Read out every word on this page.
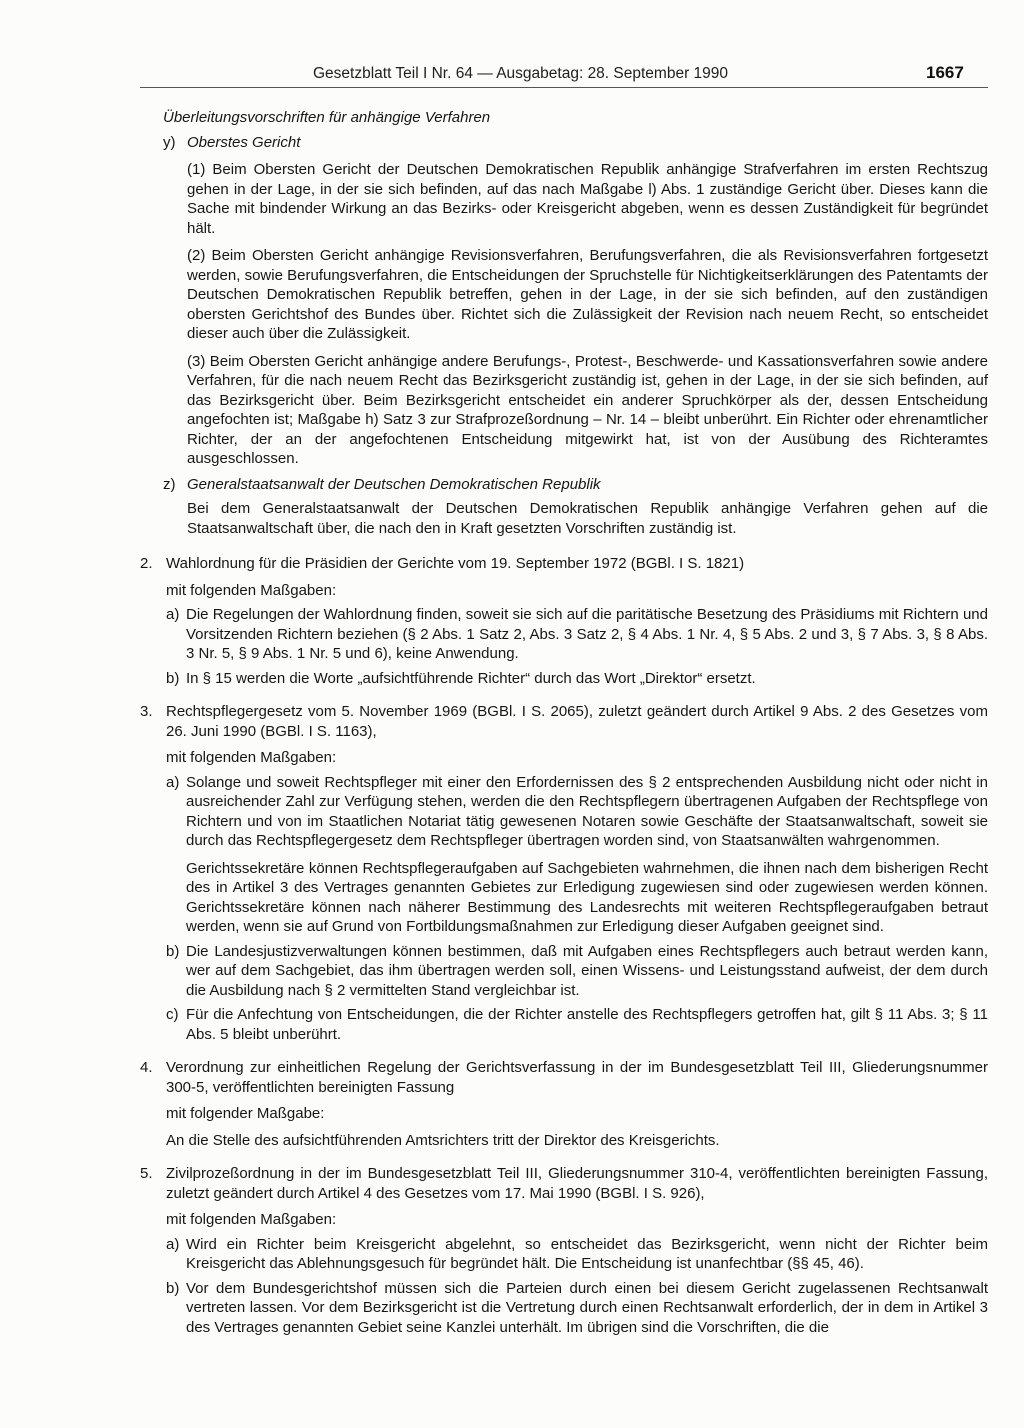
Gesetzblatt Teil I Nr. 64 — Ausgabetag: 28. September 1990	1667
Überleitungsvorschriften für anhängige Verfahren
y) Oberstes Gericht
(1) Beim Obersten Gericht der Deutschen Demokratischen Republik anhängige Strafverfahren im ersten Rechtszug gehen in der Lage, in der sie sich befinden, auf das nach Maßgabe l) Abs. 1 zuständige Gericht über. Dieses kann die Sache mit bindender Wirkung an das Bezirks- oder Kreisgericht abgeben, wenn es dessen Zuständigkeit für begründet hält.
(2) Beim Obersten Gericht anhängige Revisionsverfahren, Berufungsverfahren, die als Revisionsverfahren fortgesetzt werden, sowie Berufungsverfahren, die Entscheidungen der Spruchstelle für Nichtigkeitserklärungen des Patentamts der Deutschen Demokratischen Republik betreffen, gehen in der Lage, in der sie sich befinden, auf den zuständigen obersten Gerichtshof des Bundes über. Richtet sich die Zulässigkeit der Revision nach neuem Recht, so entscheidet dieser auch über die Zulässigkeit.
(3) Beim Obersten Gericht anhängige andere Berufungs-, Protest-, Beschwerde- und Kassationsverfahren sowie andere Verfahren, für die nach neuem Recht das Bezirksgericht zuständig ist, gehen in der Lage, in der sie sich befinden, auf das Bezirksgericht über. Beim Bezirksgericht entscheidet ein anderer Spruchkörper als der, dessen Entscheidung angefochten ist; Maßgabe h) Satz 3 zur Strafprozeßordnung – Nr. 14 – bleibt unberührt. Ein Richter oder ehrenamtlicher Richter, der an der angefochtenen Entscheidung mitgewirkt hat, ist von der Ausübung des Richteramtes ausgeschlossen.
z) Generalstaatsanwalt der Deutschen Demokratischen Republik
Bei dem Generalstaatsanwalt der Deutschen Demokratischen Republik anhängige Verfahren gehen auf die Staatsanwaltschaft über, die nach den in Kraft gesetzten Vorschriften zuständig ist.
2. Wahlordnung für die Präsidien der Gerichte vom 19. September 1972 (BGBl. I S. 1821)
mit folgenden Maßgaben:
a) Die Regelungen der Wahlordnung finden, soweit sie sich auf die paritätische Besetzung des Präsidiums mit Richtern und Vorsitzenden Richtern beziehen (§ 2 Abs. 1 Satz 2, Abs. 3 Satz 2, § 4 Abs. 1 Nr. 4, § 5 Abs. 2 und 3, § 7 Abs. 3, § 8 Abs. 3 Nr. 5, § 9 Abs. 1 Nr. 5 und 6), keine Anwendung.
b) In § 15 werden die Worte „aufsichtführende Richter“ durch das Wort „Direktor“ ersetzt.
3. Rechtspflegergesetz vom 5. November 1969 (BGBl. I S. 2065), zuletzt geändert durch Artikel 9 Abs. 2 des Gesetzes vom 26. Juni 1990 (BGBl. I S. 1163),
mit folgenden Maßgaben:
a) Solange und soweit Rechtspfleger mit einer den Erfordernissen des § 2 entsprechenden Ausbildung nicht oder nicht in ausreichender Zahl zur Verfügung stehen, werden die den Rechtspflegern übertragenen Aufgaben der Rechtspflege von Richtern und von im Staatlichen Notariat tätig gewesenen Notaren sowie Geschäfte der Staatsanwaltschaft, soweit sie durch das Rechtspflegergesetz dem Rechtspfleger übertragen worden sind, von Staatsanwälten wahrgenommen.
Gerichtssekretäre können Rechtspflegeraufgaben auf Sachgebieten wahrnehmen, die ihnen nach dem bisherigen Recht des in Artikel 3 des Vertrages genannten Gebietes zur Erledigung zugewiesen sind oder zugewiesen werden können. Gerichtssekretäre können nach näherer Bestimmung des Landesrechts mit weiteren Rechtspflegeraufgaben betraut werden, wenn sie auf Grund von Fortbildungsmaßnahmen zur Erledigung dieser Aufgaben geeignet sind.
b) Die Landesjustizverwaltungen können bestimmen, daß mit Aufgaben eines Rechtspflegers auch betraut werden kann, wer auf dem Sachgebiet, das ihm übertragen werden soll, einen Wissens- und Leistungsstand aufweist, der dem durch die Ausbildung nach § 2 vermittelten Stand vergleichbar ist.
c) Für die Anfechtung von Entscheidungen, die der Richter anstelle des Rechtspflegers getroffen hat, gilt § 11 Abs. 3; § 11 Abs. 5 bleibt unberührt.
4. Verordnung zur einheitlichen Regelung der Gerichtsverfassung in der im Bundesgesetzblatt Teil III, Gliederungsnummer 300-5, veröffentlichten bereinigten Fassung
mit folgender Maßgabe:
An die Stelle des aufsichtführenden Amtsrichters tritt der Direktor des Kreisgerichts.
5. Zivilprozeßordnung in der im Bundesgesetzblatt Teil III, Gliederungsnummer 310-4, veröffentlichten bereinigten Fassung, zuletzt geändert durch Artikel 4 des Gesetzes vom 17. Mai 1990 (BGBl. I S. 926),
mit folgenden Maßgaben:
a) Wird ein Richter beim Kreisgericht abgelehnt, so entscheidet das Bezirksgericht, wenn nicht der Richter beim Kreisgericht das Ablehnungsgesuch für begründet hält. Die Entscheidung ist unanfechtbar (§§ 45, 46).
b) Vor dem Bundesgerichtshof müssen sich die Parteien durch einen bei diesem Gericht zugelassenen Rechtsanwalt vertreten lassen. Vor dem Bezirksgericht ist die Vertretung durch einen Rechtsanwalt erforderlich, der in dem in Artikel 3 des Vertrages genannten Gebiet seine Kanzlei unterhält. Im übrigen sind die Vorschriften, die die
